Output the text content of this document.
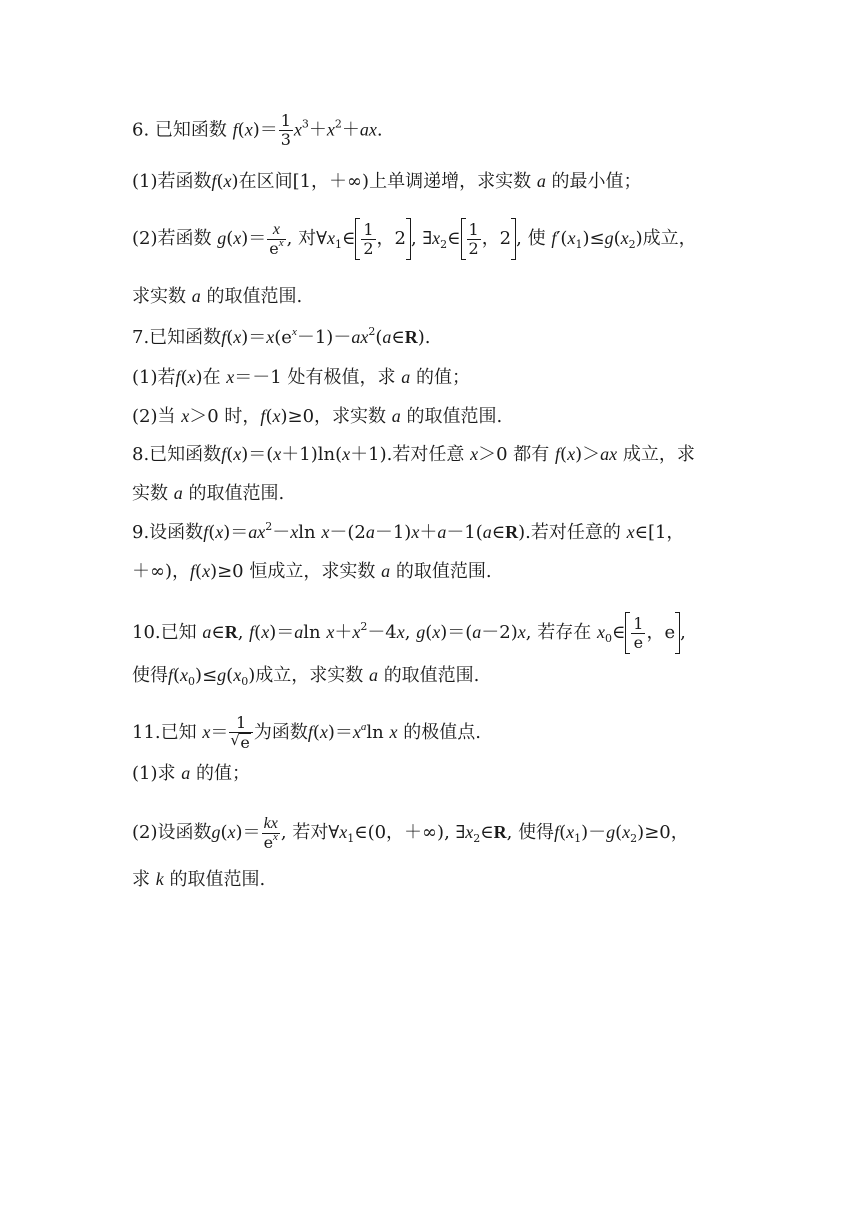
6. 已知函数 $f(x)= \frac{1}{3} x^3+x^2+ax$.
(1)若函数f(x)在区间[1，＋∞)上单调递增，求实数 a 的最小值；
(2)若函数 $g(x)= \frac{x}{e^x}$ , 对$\forall x_1\in \frac{1}{2}$ ，2 , $\exists x_2\in \frac{1}{2}$ ，2 , 使 $f'(x_1)\le g(x_2)$成立，
求实数 a 的取值范围.
7.已知函数$f(x)=x(e^x-1)-ax^2(a\in R)$.
(1)若f(x)在 x＝－1 处有极值，求 a 的值；
(2)当 x＞0 时，f(x)≥0，求实数 a 的取值范围.
8.已知函数f(x)＝(x＋1)ln(x＋1).若对任意 x＞0 都有 f(x)＞ax 成立，求
实数 a 的取值范围.
9.设函数$f(x)=ax^2-xln$ x－(2a－1)x＋a－1(a∈R).若对任意的 x∈[1，
＋∞)，f(x)≥0 恒成立，求实数 a 的取值范围.
10.已知 a∈R, f(x)＝aln $x+x^2-4x$, g(x)＝(a－2)x, 若存在 $x_0\in \frac{1}{e}$ ，e ,
使得$f(x_0)\le g(x_0)$成立，求实数 a 的取值范围.
11.已知 x＝ 1
√ e 为函数$f(x)=x^a\ln$ x 的极值点.
(1)求 a 的值；
(2)设函数$g(x)= \frac{kx}{e^x}$ , 若对$\forall x_1\in(0$，＋∞), $\exists x_2\in R$, 使得$f(x_1)-g(x_2)\ge 0$，
求 k 的取值范围.
